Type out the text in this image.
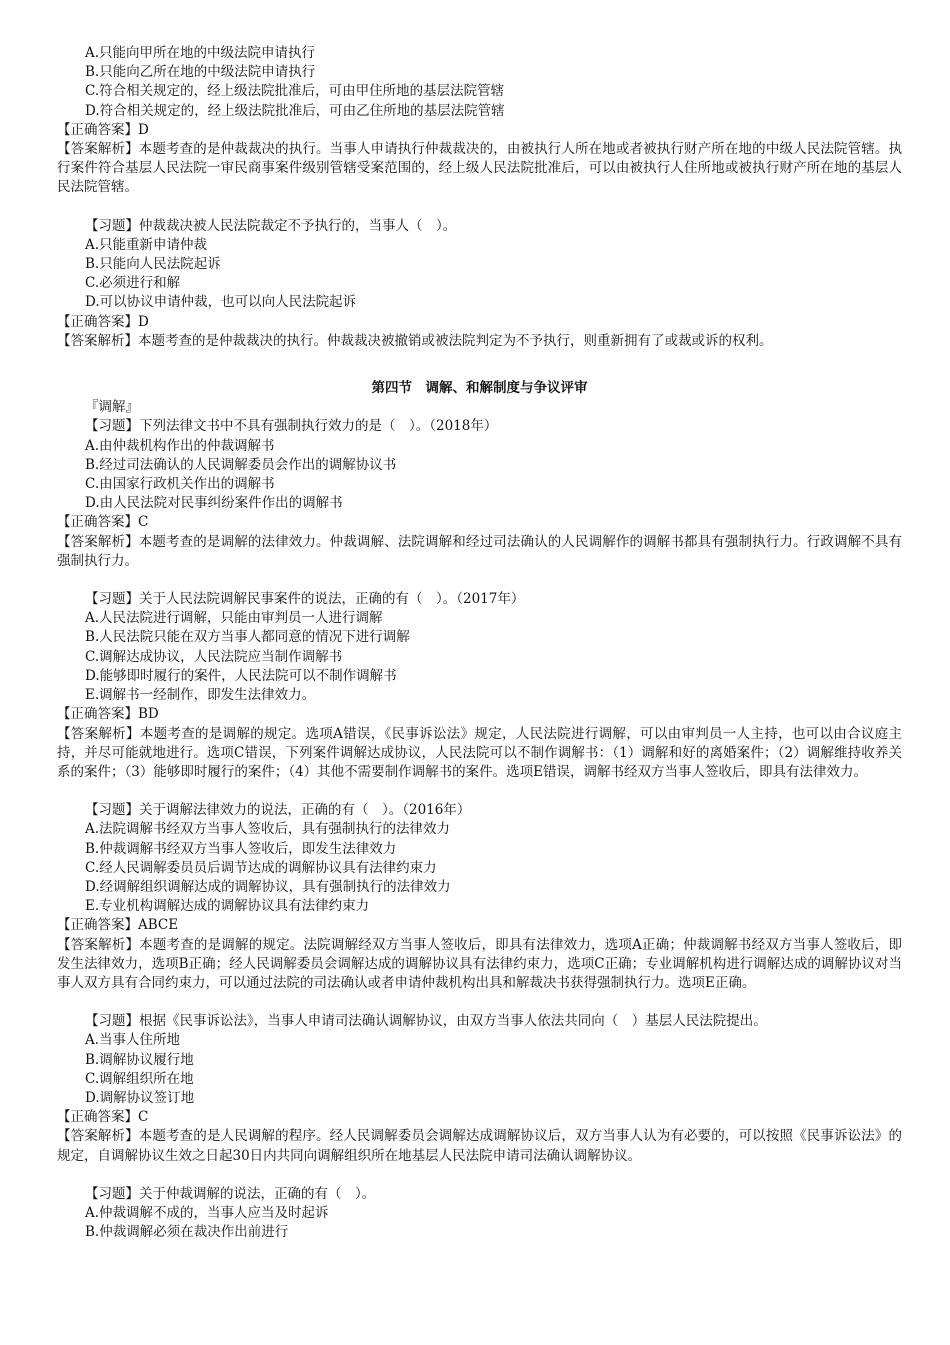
A.只能向甲所在地的中级法院申请执行
B.只能向乙所在地的中级法院申请执行
C.符合相关规定的，经上级法院批准后，可由甲住所地的基层法院管辖
D.符合相关规定的，经上级法院批准后，可由乙住所地的基层法院管辖
【正确答案】D
【答案解析】本题考查的是仲裁裁决的执行。当事人申请执行仲裁裁决的，由被执行人所在地或者被执行财产所在地的中级人民法院管辖。执行案件符合基层人民法院一审民商事案件级别管辖受案范围的，经上级人民法院批准后，可以由被执行人住所地或被执行财产所在地的基层人民法院管辖。
【习题】仲裁裁决被人民法院裁定不予执行的，当事人（　）。
A.只能重新申请仲裁
B.只能向人民法院起诉
C.必须进行和解
D.可以协议申请仲裁，也可以向人民法院起诉
【正确答案】D
【答案解析】本题考查的是仲裁裁决的执行。仲裁裁决被撤销或被法院判定为不予执行，则重新拥有了或裁或诉的权利。
第四节　调解、和解制度与争议评审
『调解』
【习题】下列法律文书中不具有强制执行效力的是（　）。（2018年）
A.由仲裁机构作出的仲裁调解书
B.经过司法确认的人民调解委员会作出的调解协议书
C.由国家行政机关作出的调解书
D.由人民法院对民事纠纷案件作出的调解书
【正确答案】C
【答案解析】本题考查的是调解的法律效力。仲裁调解、法院调解和经过司法确认的人民调解作的调解书都具有强制执行力。行政调解不具有强制执行力。
【习题】关于人民法院调解民事案件的说法，正确的有（　）。（2017年）
A.人民法院进行调解，只能由审判员一人进行调解
B.人民法院只能在双方当事人都同意的情况下进行调解
C.调解达成协议，人民法院应当制作调解书
D.能够即时履行的案件，人民法院可以不制作调解书
E.调解书一经制作，即发生法律效力。
【正确答案】BD
【答案解析】本题考查的是调解的规定。选项A错误，《民事诉讼法》规定，人民法院进行调解，可以由审判员一人主持，也可以由合议庭主持，并尽可能就地进行。选项C错误，下列案件调解达成协议，人民法院可以不制作调解书：（1）调解和好的离婚案件；（2）调解维持收养关系的案件；（3）能够即时履行的案件；（4）其他不需要制作调解书的案件。选项E错误，调解书经双方当事人签收后，即具有法律效力。
【习题】关于调解法律效力的说法，正确的有（　）。（2016年）
A.法院调解书经双方当事人签收后，具有强制执行的法律效力
B.仲裁调解书经双方当事人签收后，即发生法律效力
C.经人民调解委员员后调节达成的调解协议具有法律约束力
D.经调解组织调解达成的调解协议，具有强制执行的法律效力
E.专业机构调解达成的调解协议具有法律约束力
【正确答案】ABCE
【答案解析】本题考查的是调解的规定。法院调解经双方当事人签收后，即具有法律效力，选项A正确；仲裁调解书经双方当事人签收后，即发生法律效力，选项B正确；经人民调解委员会调解达成的调解协议具有法律约束力，选项C正确；专业调解机构进行调解达成的调解协议对当事人双方具有合同约束力，可以通过法院的司法确认或者申请仲裁机构出具和解裁决书获得强制执行力。选项E正确。
【习题】根据《民事诉讼法》，当事人申请司法确认调解协议，由双方当事人依法共同向（　）基层人民法院提出。
A.当事人住所地
B.调解协议履行地
C.调解组织所在地
D.调解协议签订地
【正确答案】C
【答案解析】本题考查的是人民调解的程序。经人民调解委员会调解达成调解协议后，双方当事人认为有必要的，可以按照《民事诉讼法》的规定，自调解协议生效之日起30日内共同向调解组织所在地基层人民法院申请司法确认调解协议。
【习题】关于仲裁调解的说法，正确的有（　）。
A.仲裁调解不成的，当事人应当及时起诉
B.仲裁调解必须在裁决作出前进行
